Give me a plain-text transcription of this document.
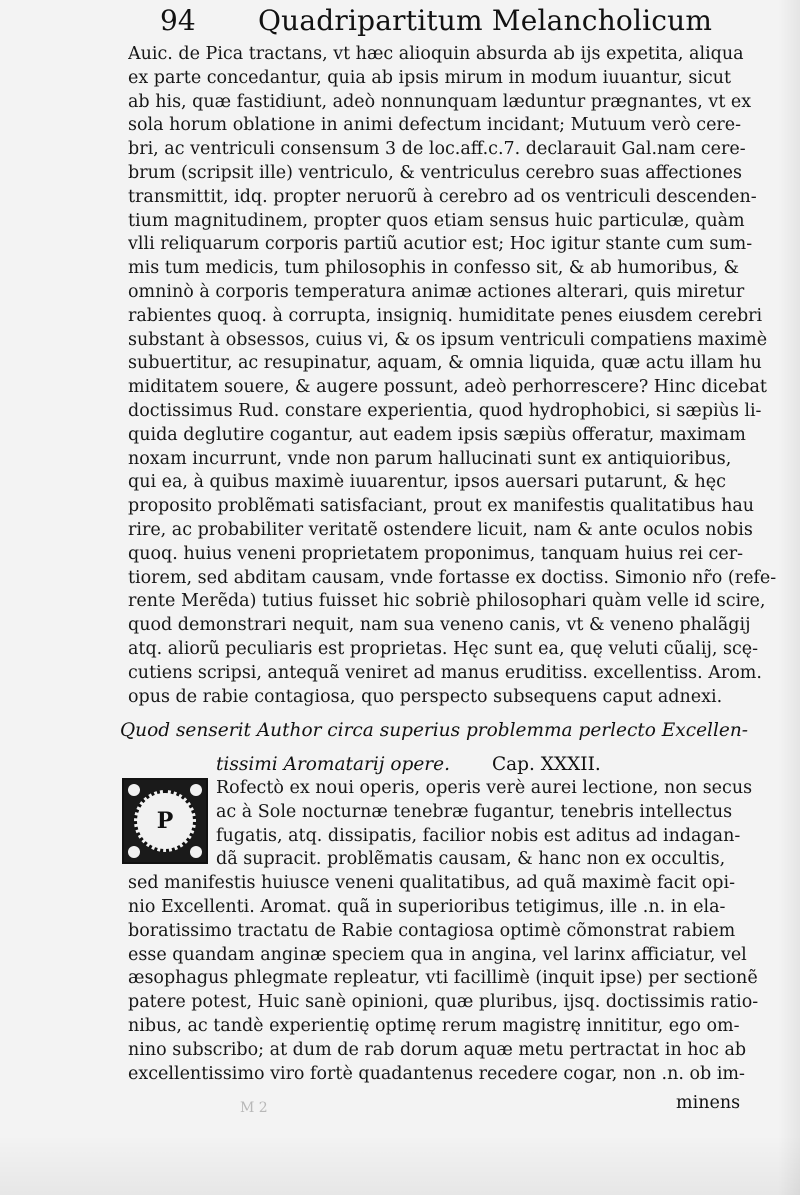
94 Quadripartitum Melancholicum
Auic. de Pica tractans, vt hæc alioquin absurda ab ijs expetita, aliqua
ex parte concedantur, quia ab ipsis mirum in modum iuuantur, sicut
ab his, quæ fastidiunt, adeò nonnunquam læduntur prægnantes, vt ex
sola horum oblatione in animi defectum incidant; Mutuum verò cere-
bri, ac ventriculi consensum 3 de loc.aff.c.7. declarauit Gal.nam cere-
brum (scripsit ille) ventriculo, & ventriculus cerebro suas affectiones
transmittit, idq. propter neruorũ à cerebro ad os ventriculi descenden-
tium magnitudinem, propter quos etiam sensus huic particulæ, quàm
vlli reliquarum corporis partiũ acutior est; Hoc igitur stante cum sum-
mis tum medicis, tum philosophis in confesso sit, & ab humoribus, &
omninò à corporis temperatura animæ actiones alterari, quis miretur
rabientes quoq. à corrupta, insigniq. humiditate penes eiusdem cerebri
substant à obsessos, cuius vi, & os ipsum ventriculi compatiens maximè
subuertitur, ac resupinatur, aquam, & omnia liquida, quæ actu illam hu
miditatem souere, & augere possunt, adeò perhorrescere? Hinc dicebat
doctissimus Rud. constare experientia, quod hydrophobici, si sæpiùs li-
quida deglutire cogantur, aut eadem ipsis sæpiùs offeratur, maximam
noxam incurrunt, vnde non parum hallucinati sunt ex antiquioribus,
qui ea, à quibus maximè iuuarentur, ipsos auersari putarunt, & hęc
proposito problẽmati satisfaciant, prout ex manifestis qualitatibus hau
rire, ac probabiliter veritatẽ ostendere licuit, nam & ante oculos nobis
quoq. huius veneni proprietatem proponimus, tanquam huius rei cer-
tiorem, sed abditam causam, vnde fortasse ex doctiss. Simonio nr̃o (refe-
rente Merẽda) tutius fuisset hic sobriè philosophari quàm velle id scire,
quod demonstrari nequit, nam sua veneno canis, vt & veneno phalãgij
atq. aliorũ peculiaris est proprietas. Hęc sunt ea, quę veluti cũalij, scę-
cutiens scripsi, antequã veniret ad manus eruditiss. excellentiss. Arom.
opus de rabie contagiosa, quo perspecto subsequens caput adnexi.
Quod senserit Author circa superius problemma perlecto Excellen-
tissimi Aromatarij opere. Cap. XXXII.
P
Rofectò ex noui operis, operis verè aurei lectione, non secus
ac à Sole nocturnæ tenebræ fugantur, tenebris intellectus
fugatis, atq. dissipatis, facilior nobis est aditus ad indagan-
dã supracit. problẽmatis causam, & hanc non ex occultis,
sed manifestis huiusce veneni qualitatibus, ad quã maximè facit opi-
nio Excellenti. Aromat. quã in superioribus tetigimus, ille .n. in ela-
boratissimo tractatu de Rabie contagiosa optimè cõmonstrat rabiem
esse quandam anginæ speciem qua in angina, vel larinx afficiatur, vel
æsophagus phlegmate repleatur, vti facillimè (inquit ipse) per sectionẽ
patere potest, Huic sanè opinioni, quæ pluribus, ijsq. doctissimis ratio-
nibus, ac tandè experientię optimę rerum magistrę innititur, ego om-
nino subscribo; at dum de rab dorum aquæ metu pertractat in hoc ab
excellentissimo viro fortè quadantenus recedere cogar, non .n. ob im-
M 2	minens
